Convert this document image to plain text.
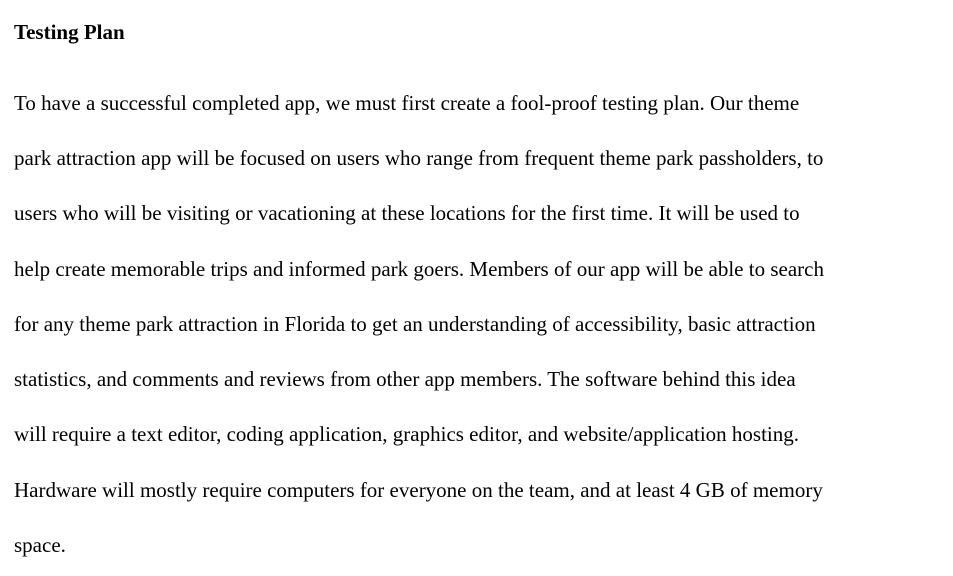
Testing Plan

To have a successful completed app, we must first create a fool-proof testing plan. Our theme

park attraction app will be focused on users who range from frequent theme park passholders, to

users who will be visiting or vacationing at these locations for the first time. It will be used to

help create memorable trips and informed park goers. Members of our app will be able to search

for any theme park attraction in Florida to get an understanding of accessibility, basic attraction

statistics, and comments and reviews from other app members. The software behind this idea

will require a text editor, coding application, graphics editor, and website/application hosting.

Hardware will mostly require computers for everyone on the team, and at least 4 GB of memory

space.
